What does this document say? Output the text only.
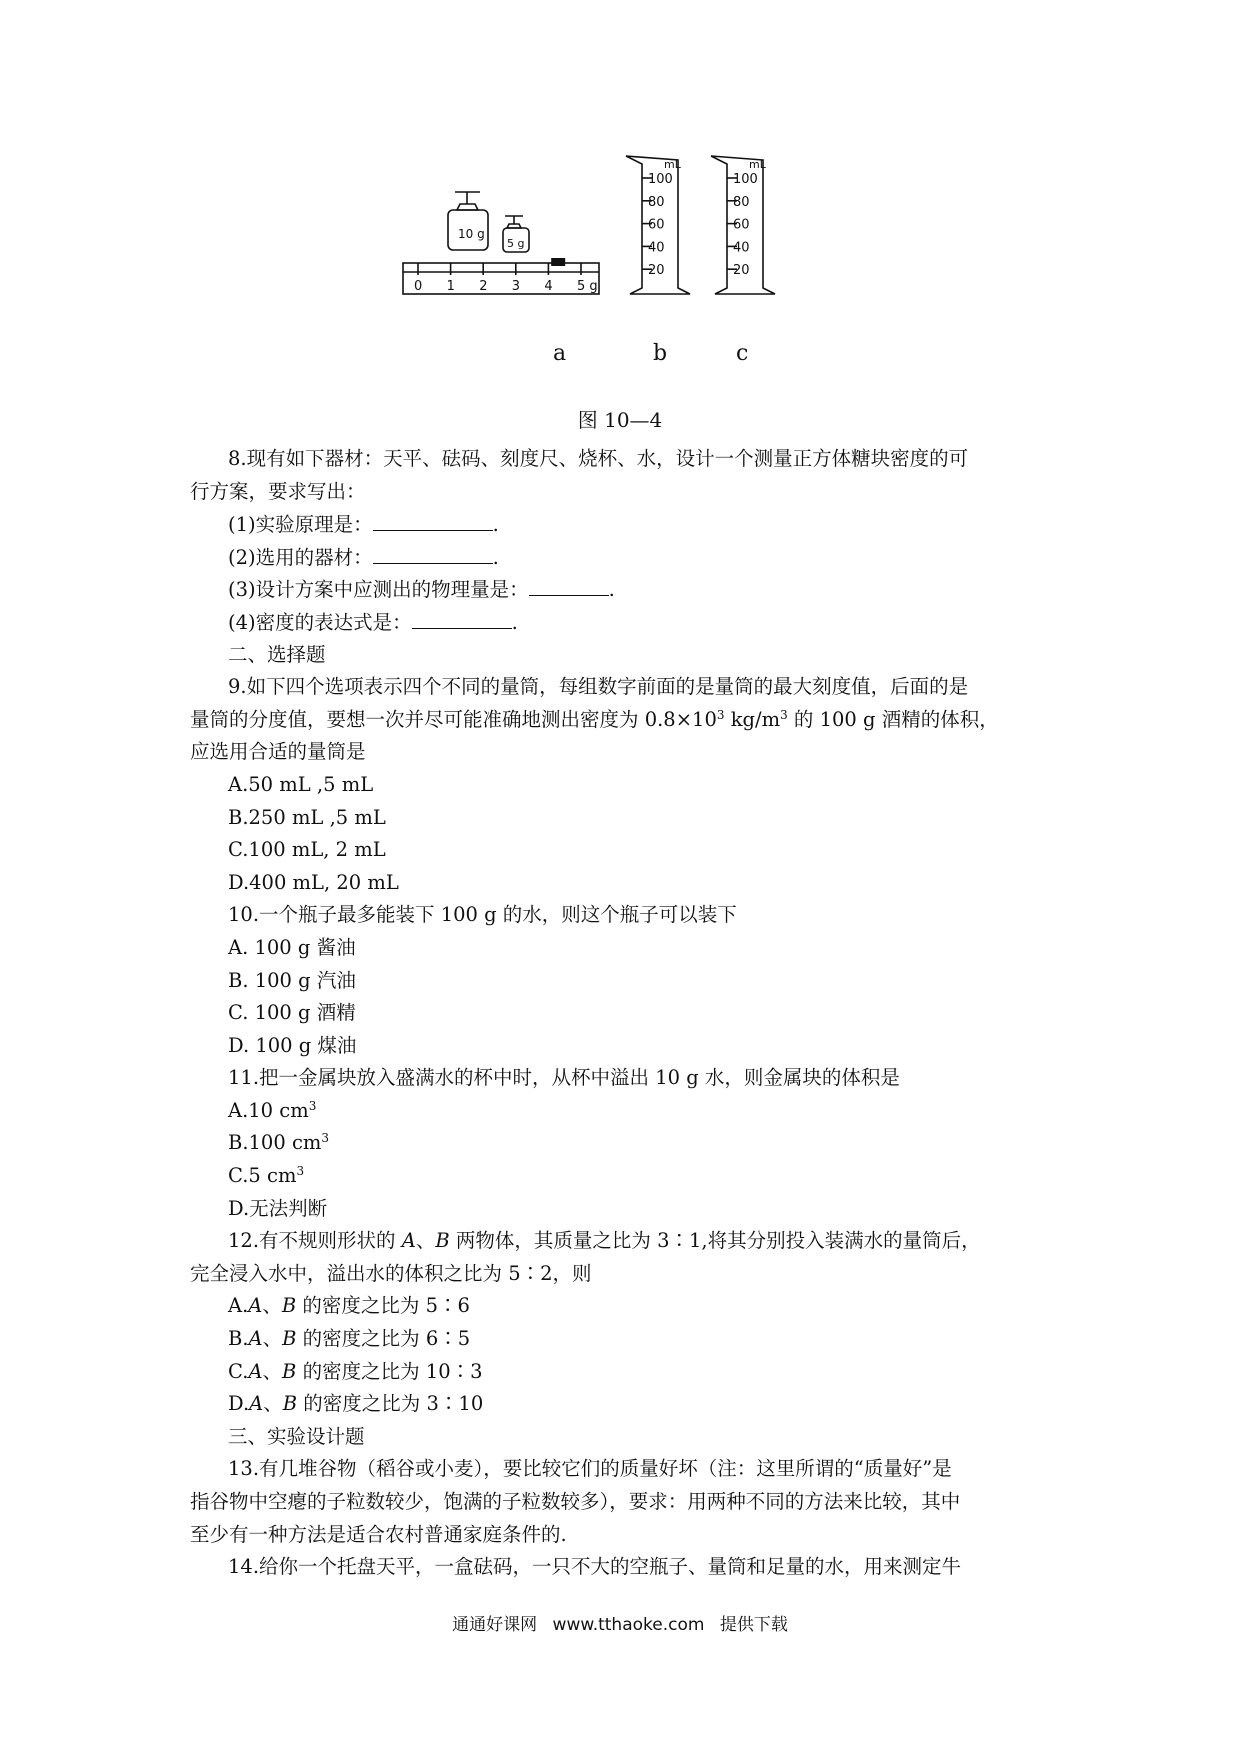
10 g
5 g
0 1 2 3 4 5 g
mL
100
80
60
40
20
mL
100
80
60
40
20
a	b	c
图 10—4
8.现有如下器材：天平、砝码、刻度尺、烧杯、水，设计一个测量正方体糖块密度的可
行方案，要求写出：
(1)实验原理是：	.
(2)选用的器材：	.
(3)设计方案中应测出的物理量是：	.
(4)密度的表达式是：	.
二、选择题
9.如下四个选项表示四个不同的量筒，每组数字前面的是量筒的最大刻度值，后面的是
量筒的分度值，要想一次并尽可能准确地测出密度为 $0.8\times 10^3$ $kg/m^3$ 的 100 g 酒精的体积，
应选用合适的量筒是
A.50 mL ,5 mL
B.250 mL ,5 mL
C.100 mL, 2 mL
D.400 mL, 20 mL
10.一个瓶子最多能装下 100 g 的水，则这个瓶子可以装下
A. 100 g 酱油
B. 100 g 汽油
C. 100 g 酒精
D. 100 g 煤油
11.把一金属块放入盛满水的杯中时，从杯中溢出 10 g 水，则金属块的体积是
A.10 $cm^3$
B.100 $cm^3$
C.5 $cm^3$
D.无法判断
12.有不规则形状的 A、B 两物体，其质量之比为 3∶1,将其分别投入装满水的量筒后，
完全浸入水中，溢出水的体积之比为 5∶2，则
A.A、B 的密度之比为 5∶6
B.A、B 的密度之比为 6∶5
C.A、B 的密度之比为 10∶3
D.A、B 的密度之比为 3∶10
三、实验设计题
13.有几堆谷物（稻谷或小麦），要比较它们的质量好坏（注：这里所谓的“质量好”是
指谷物中空瘪的子粒数较少，饱满的子粒数较多），要求：用两种不同的方法来比较，其中
至少有一种方法是适合农村普通家庭条件的.
14.给你一个托盘天平，一盒砝码，一只不大的空瓶子、量筒和足量的水，用来测定牛
通通好课网 www.tthaoke.com 提供下载
